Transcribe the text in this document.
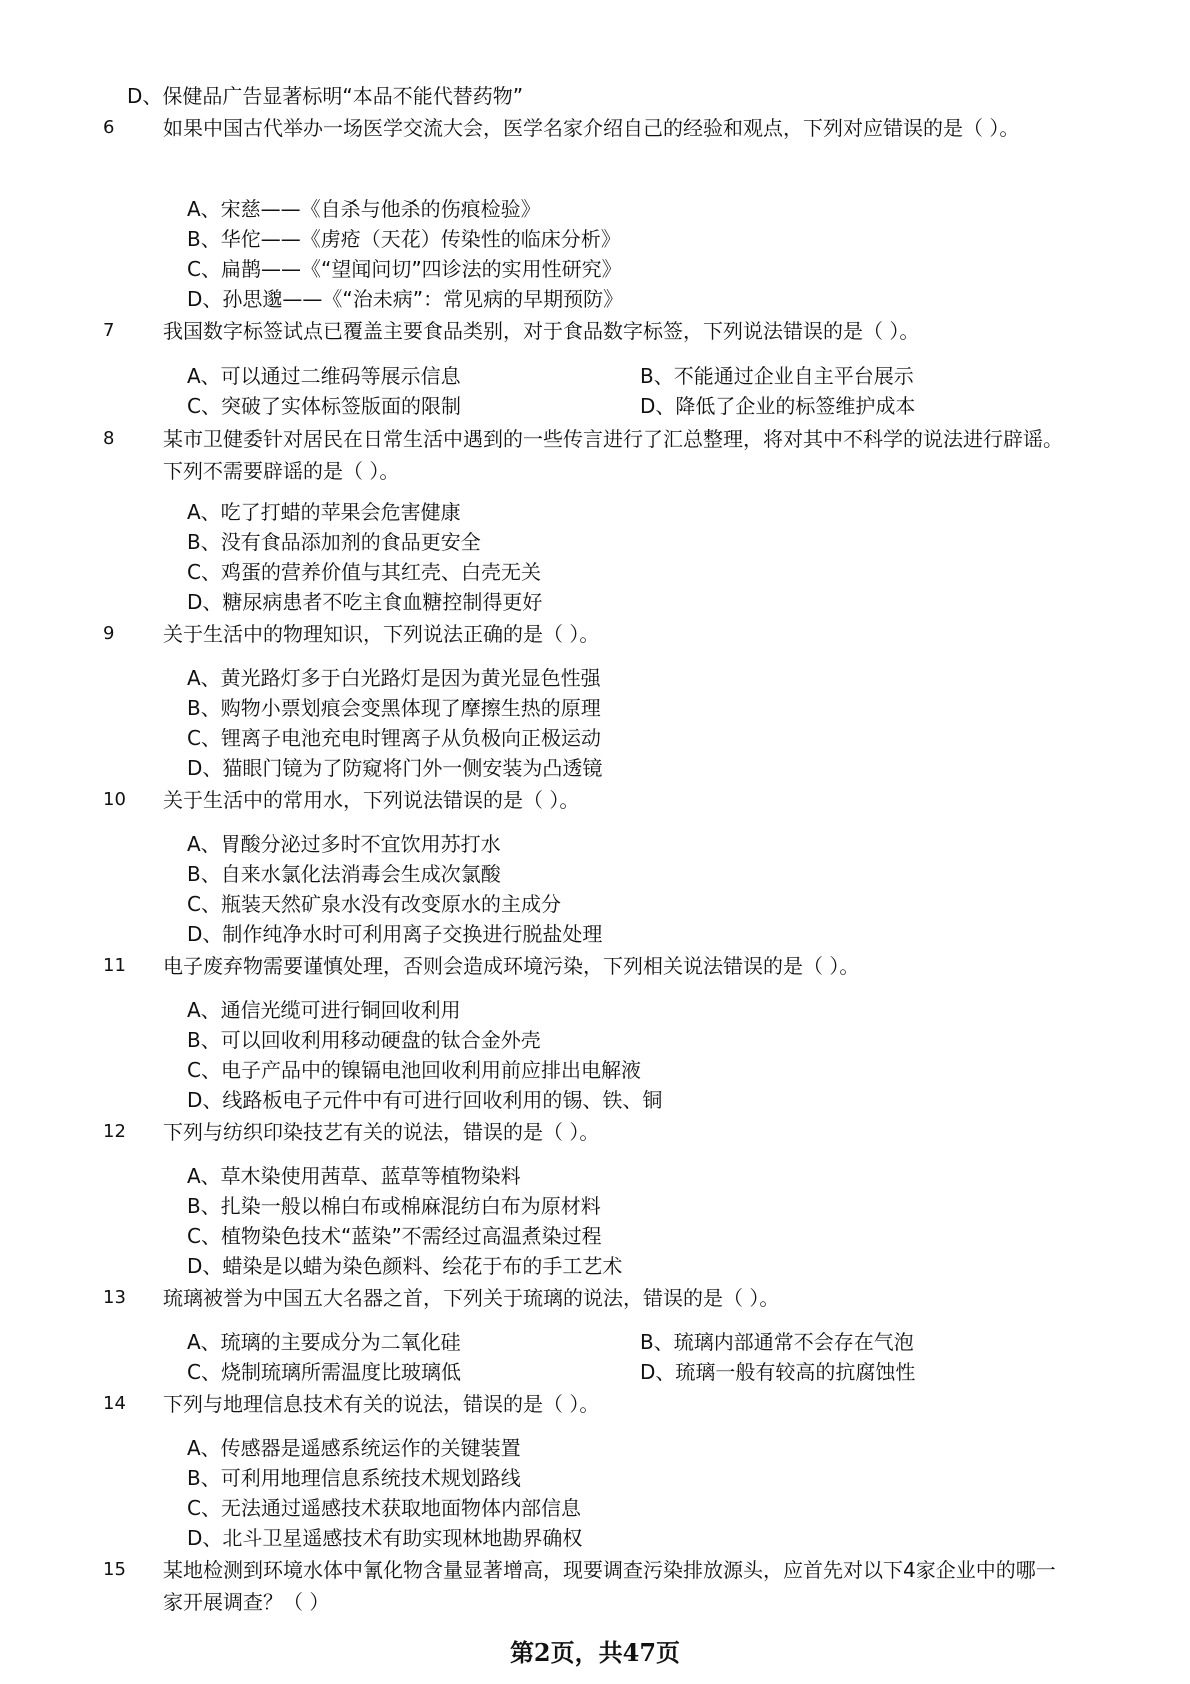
D、保健品广告显著标明“本品不能代替药物”
6 如果中国古代举办一场医学交流大会，医学名家介绍自己的经验和观点，下列对应错误的是（ ）。
A、宋慈——《自杀与他杀的伤痕检验》
B、华佗——《虏疮（天花）传染性的临床分析》
C、扁鹊——《“望闻问切”四诊法的实用性研究》
D、孙思邈——《“治未病”：常见病的早期预防》
7 我国数字标签试点已覆盖主要食品类别，对于食品数字标签，下列说法错误的是（ ）。
A、可以通过二维码等展示信息	B、不能通过企业自主平台展示
C、突破了实体标签版面的限制	D、降低了企业的标签维护成本
8 某市卫健委针对居民在日常生活中遇到的一些传言进行了汇总整理，将对其中不科学的说法进行辟谣。下列不需要辟谣的是（ ）。
A、吃了打蜡的苹果会危害健康
B、没有食品添加剂的食品更安全
C、鸡蛋的营养价值与其红壳、白壳无关
D、糖尿病患者不吃主食血糖控制得更好
9 关于生活中的物理知识，下列说法正确的是（ ）。
A、黄光路灯多于白光路灯是因为黄光显色性强
B、购物小票划痕会变黑体现了摩擦生热的原理
C、锂离子电池充电时锂离子从负极向正极运动
D、猫眼门镜为了防窥将门外一侧安装为凸透镜
10 关于生活中的常用水，下列说法错误的是（ ）。
A、胃酸分泌过多时不宜饮用苏打水
B、自来水氯化法消毒会生成次氯酸
C、瓶装天然矿泉水没有改变原水的主成分
D、制作纯净水时可利用离子交换进行脱盐处理
11 电子废弃物需要谨慎处理，否则会造成环境污染，下列相关说法错误的是（ ）。
A、通信光缆可进行铜回收利用
B、可以回收利用移动硬盘的钛合金外壳
C、电子产品中的镍镉电池回收利用前应排出电解液
D、线路板电子元件中有可进行回收利用的锡、铁、铜
12 下列与纺织印染技艺有关的说法，错误的是（ ）。
A、草木染使用茜草、蓝草等植物染料
B、扎染一般以棉白布或棉麻混纺白布为原材料
C、植物染色技术“蓝染”不需经过高温煮染过程
D、蜡染是以蜡为染色颜料、绘花于布的手工艺术
13 琉璃被誉为中国五大名器之首，下列关于琉璃的说法，错误的是（ ）。
A、琉璃的主要成分为二氧化硅	B、琉璃内部通常不会存在气泡
C、烧制琉璃所需温度比玻璃低	D、琉璃一般有较高的抗腐蚀性
14 下列与地理信息技术有关的说法，错误的是（ ）。
A、传感器是遥感系统运作的关键装置
B、可利用地理信息系统技术规划路线
C、无法通过遥感技术获取地面物体内部信息
D、北斗卫星遥感技术有助实现林地勘界确权
15 某地检测到环境水体中氰化物含量显著增高，现要调查污染排放源头，应首先对以下4家企业中的哪一家开展调查？（ ）
第2页，共47页
